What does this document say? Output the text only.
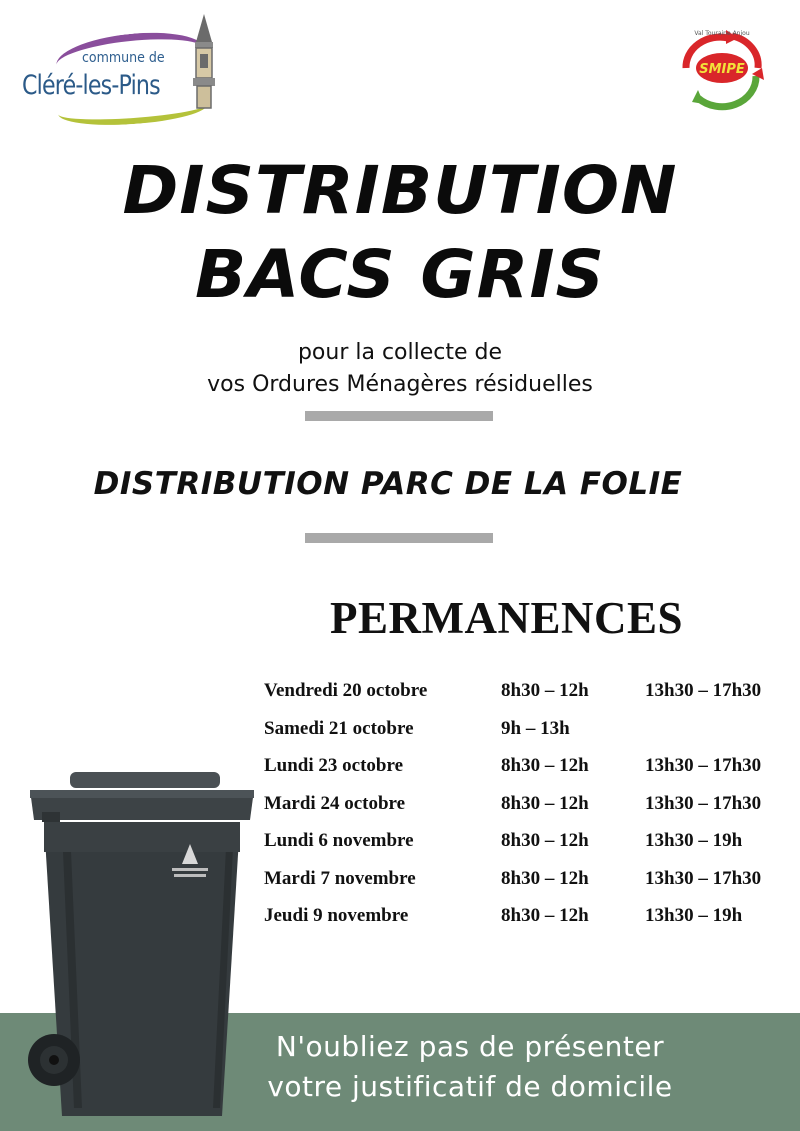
commune de
Cléré-les-Pins
SMIPE
Val Touraine Anjou
DISTRIBUTION
BACS GRIS
pour la collecte de
vos Ordures Ménagères résiduelles
DISTRIBUTION PARC DE LA FOLIE
PERMANENCES
Vendredi 20 octobre	8h30 – 12h	13h30 – 17h30
Samedi 21 octobre	9h – 13h
Lundi 23 octobre	8h30 – 12h	13h30 – 17h30
Mardi 24 octobre	8h30 – 12h	13h30 – 17h30
Lundi 6 novembre	8h30 – 12h	13h30 – 19h
Mardi 7 novembre	8h30 – 12h	13h30 – 17h30
Jeudi 9 novembre	8h30 – 12h	13h30 – 19h
N'oubliez pas de présenter
votre justificatif de domicile
